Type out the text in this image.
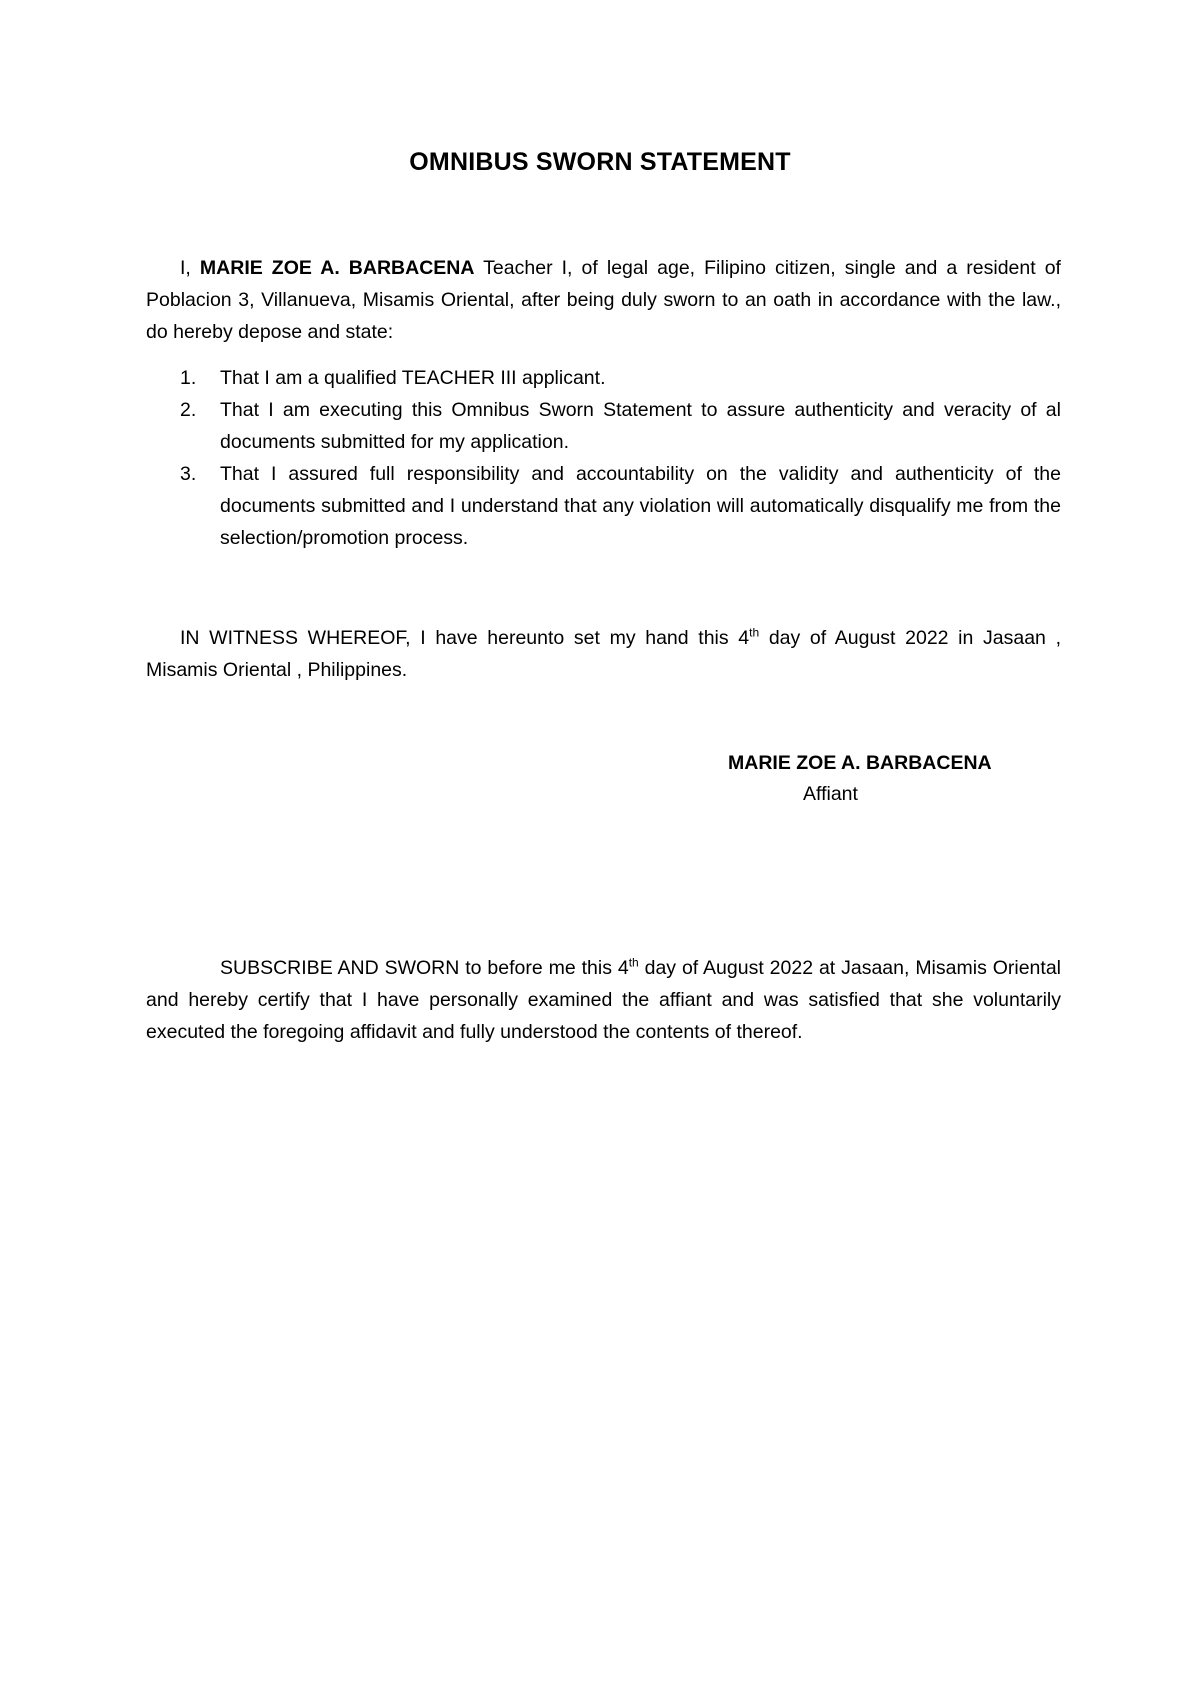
OMNIBUS SWORN STATEMENT
I, MARIE ZOE A. BARBACENA Teacher I, of legal age, Filipino citizen, single and a resident of Poblacion 3, Villanueva, Misamis Oriental, after being duly sworn to an oath in accordance with the law., do hereby depose and state:
1. That I am a qualified TEACHER III applicant.
2. That I am executing this Omnibus Sworn Statement to assure authenticity and veracity of al documents submitted for my application.
3. That I assured full responsibility and accountability on the validity and authenticity of the documents submitted and I understand that any violation will automatically disqualify me from the selection/promotion process.
IN WITNESS WHEREOF, I have hereunto set my hand this 4th day of August 2022 in Jasaan , Misamis Oriental , Philippines.
MARIE ZOE A. BARBACENA
Affiant
SUBSCRIBE AND SWORN to before me this 4th day of August 2022 at Jasaan, Misamis Oriental and hereby certify that I have personally examined the affiant and was satisfied that she voluntarily executed the foregoing affidavit and fully understood the contents of thereof.
